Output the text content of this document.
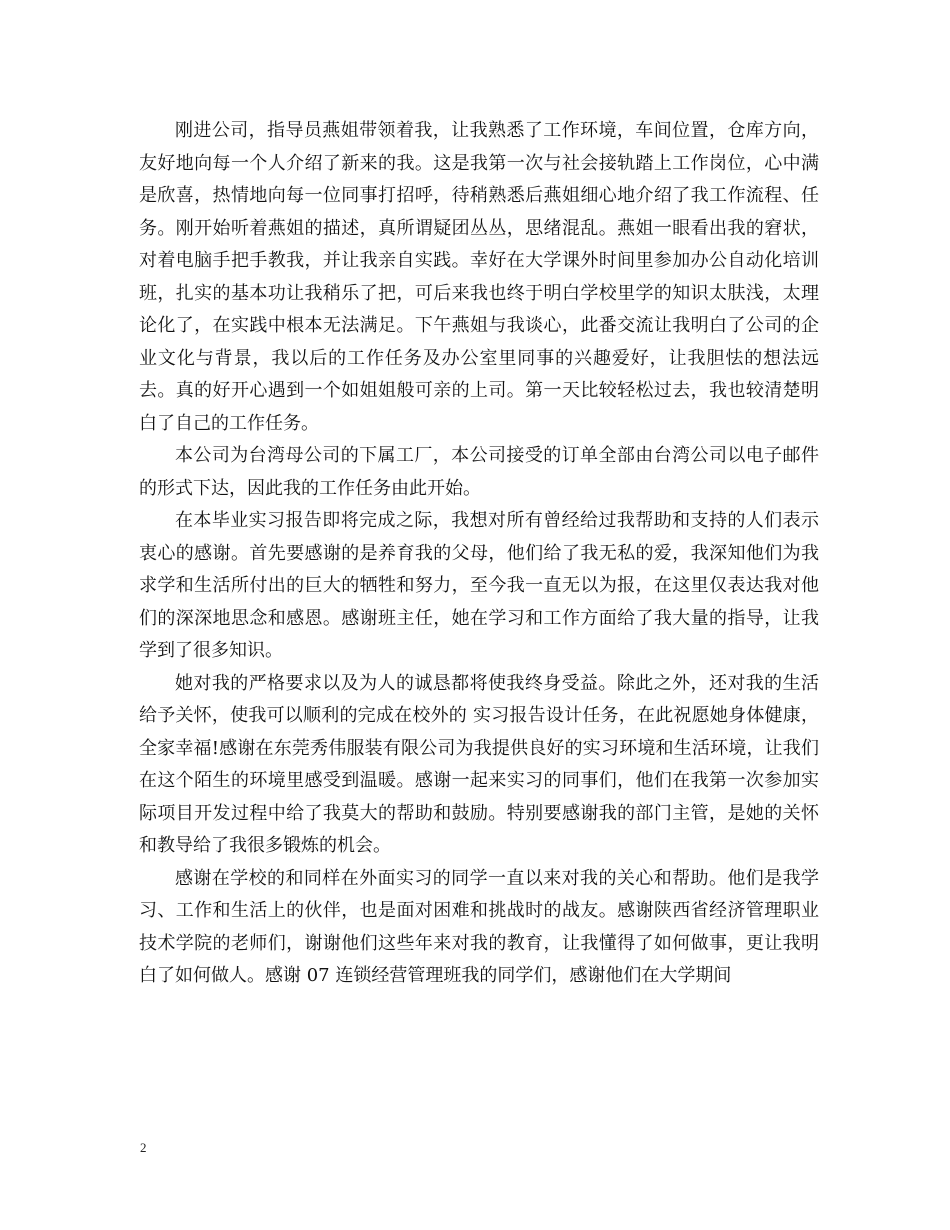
刚进公司，指导员燕姐带领着我，让我熟悉了工作环境，车间位置，仓库方向，友好地向每一个人介绍了新来的我。这是我第一次与社会接轨踏上工作岗位，心中满是欣喜，热情地向每一位同事打招呼，待稍熟悉后燕姐细心地介绍了我工作流程、任务。刚开始听着燕姐的描述，真所谓疑团丛丛，思绪混乱。燕姐一眼看出我的窘状，对着电脑手把手教我，并让我亲自实践。幸好在大学课外时间里参加办公自动化培训班，扎实的基本功让我稍乐了把，可后来我也终于明白学校里学的知识太肤浅，太理论化了，在实践中根本无法满足。下午燕姐与我谈心，此番交流让我明白了公司的企业文化与背景，我以后的工作任务及办公室里同事的兴趣爱好，让我胆怯的想法远去。真的好开心遇到一个如姐姐般可亲的上司。第一天比较轻松过去，我也较清楚明白了自己的工作任务。

本公司为台湾母公司的下属工厂，本公司接受的订单全部由台湾公司以电子邮件的形式下达，因此我的工作任务由此开始。

在本毕业实习报告即将完成之际，我想对所有曾经给过我帮助和支持的人们表示衷心的感谢。首先要感谢的是养育我的父母，他们给了我无私的爱，我深知他们为我求学和生活所付出的巨大的牺牲和努力，至今我一直无以为报，在这里仅表达我对他们的深深地思念和感恩。感谢班主任，她在学习和工作方面给了我大量的指导，让我学到了很多知识。

她对我的严格要求以及为人的诚恳都将使我终身受益。除此之外，还对我的生活给予关怀，使我可以顺利的完成在校外的 实习报告设计任务，在此祝愿她身体健康，全家幸福!感谢在东莞秀伟服装有限公司为我提供良好的实习环境和生活环境，让我们在这个陌生的环境里感受到温暖。感谢一起来实习的同事们，他们在我第一次参加实际项目开发过程中给了我莫大的帮助和鼓励。特别要感谢我的部门主管，是她的关怀和教导给了我很多锻炼的机会。

感谢在学校的和同样在外面实习的同学一直以来对我的关心和帮助。他们是我学习、工作和生活上的伙伴，也是面对困难和挑战时的战友。感谢陕西省经济管理职业技术学院的老师们，谢谢他们这些年来对我的教育，让我懂得了如何做事，更让我明白了如何做人。感谢 07 连锁经营管理班我的同学们，感谢他们在大学期间

2
